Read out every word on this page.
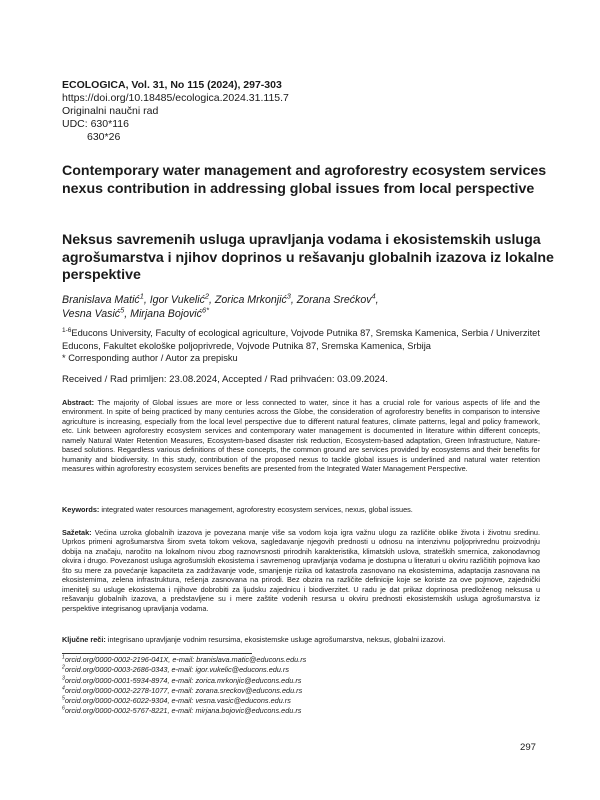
ECOLOGICA, Vol. 31, No 115 (2024), 297-303
https://doi.org/10.18485/ecologica.2024.31.115.7
Originalni naučni rad
UDC: 630*116
630*26
Contemporary water management and agroforestry ecosystem services nexus contribution in addressing global issues from local perspective
Neksus savremenih usluga upravljanja vodama i ekosistemskih usluga agrošumarstva i njihov doprinos u rešavanju globalnih izazova iz lokalne perspektive
Branislava Matić$^1$, Igor Vukelić$^2$, Zorica Mrkonjić$^3$, Zorana Srećkov$^4$,
Vesna Vasić$^5$, Mirjana Bojović$^{6*}$
$^{1-6}$Educons University, Faculty of ecological agriculture, Vojvode Putnika 87, Sremska Kamenica, Serbia / Univerzitet Educons, Fakultet ekološke poljoprivrede, Vojvode Putnika 87, Sremska Kamenica, Srbija
* Corresponding author / Autor za prepisku
Received / Rad primljen: 23.08.2024, Accepted / Rad prihvaćen: 03.09.2024.
Abstract: The majority of Global issues are more or less connected to water, since it has a crucial role for various aspects of life and the environment. In spite of being practiced by many centuries across the Globe, the consideration of agroforestry benefits in comparison to intensive agriculture is increasing, especially from the local level perspective due to different natural features, climate patterns, legal and policy framework, etc. Link between agroforestry ecosystem services and contemporary water management is documented in literature within different concepts, namely Natural Water Retention Measures, Ecosystem-based disaster risk reduction, Ecosystem-based adaptation, Green Infrastructure, Nature-based solutions. Regardless various definitions of these concepts, the common ground are services provided by ecosystems and their benefits for humanity and biodiversity. In this study, contribution of the proposed nexus to tackle global issues is underlined and natural water retention measures within agroforestry ecosystem services benefits are presented from the Integrated Water Management Perspective.
Keywords: integrated water resources management, agroforestry ecosystem services, nexus, global issues.
Sažetak: Većina uzroka globalnih izazova je povezana manje više sa vodom koja igra važnu ulogu za različite oblike života i životnu sredinu. Uprkos primeni agrošumarstva širom sveta tokom vekova, sagledavanje njegovih prednosti u odnosu na intenzivnu poljoprivrednu proizvodnju dobija na značaju, naročito na lokalnom nivou zbog raznovrsnosti prirodnih karakteristika, klimatskih uslova, strateških smernica, zakonodavnog okvira i drugo. Povezanost usluga agrošumskih ekosistema i savremenog upravljanja vodama je dostupna u literaturi u okviru različitih pojmova kao što su mere za povećanje kapaciteta za zadržavanje vode, smanjenje rizika od katastrofa zasnovano na ekosistemima, adaptacija zasnovana na ekosistemima, zelena infrastruktura, rešenja zasnovana na prirodi. Bez obzira na različite definicije koje se koriste za ove pojmove, zajednički imenitelj su usluge ekosistema i njihove dobrobiti za ljudsku zajednicu i biodiverzitet. U radu je dat prikaz doprinosa predloženog neksusa u rešavanju globalnih izazova, a predstavljene su i mere zaštite vodenih resursa u okviru prednosti ekosistemskih usluga agrošumarstva iz perspektive integrisanog upravljanja vodama.
Ključne reči: integrisano upravljanje vodnim resursima, ekosistemske usluge agrošumarstva, neksus, globalni izazovi.
$^1$orcid.org/0000-0002-2196-041X, e-mail: branislava.matic@educons.edu.rs
$^2$orcid.org/0000-0003-2686-0343, e-mail: igor.vukelic@educons.edu.rs
$^3$orcid.org/0000-0001-5934-8974, e-mail: zorica.mrkonjic@educons.edu.rs
$^4$orcid.org/0000-0002-2278-1077, e-mail: zorana.sreckov@educons.edu.rs
$^5$orcid.org/0000-0002-6022-9304, e-mail: vesna.vasic@educons.edu.rs
$^6$orcid.org/0000-0002-5767-8221, e-mail: mirjana.bojovic@educons.edu.rs
297
